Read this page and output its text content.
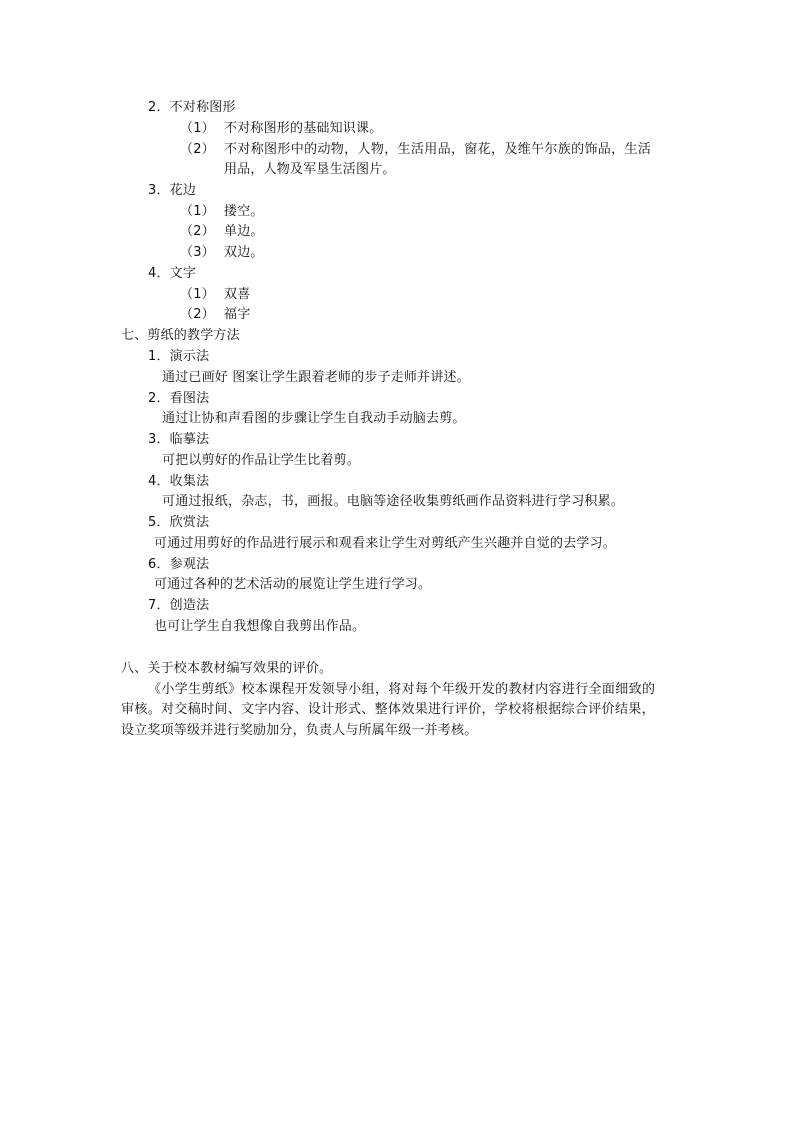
2．不对称图形
（1） 不对称图形的基础知识课。
（2） 不对称图形中的动物，人物，生活用品，窗花，及维午尔族的饰品，生活
用品，人物及军垦生活图片。
3．花边
（1） 搂空。
（2） 单边。
（3） 双边。
4．文字
（1） 双喜
（2） 福字
七、剪纸的教学方法
1．演示法
通过已画好 图案让学生跟着老师的步子走师并讲述。
2．看图法
通过让协和声看图的步骤让学生自我动手动脑去剪。
3．临摹法
可把以剪好的作品让学生比着剪。
4．收集法
可通过报纸，杂志，书，画报。电脑等途径收集剪纸画作品资料进行学习积累。
5．欣赏法
可通过用剪好的作品进行展示和观看来让学生对剪纸产生兴趣并自觉的去学习。
6．参观法
可通过各种的艺术活动的展览让学生进行学习。
7．创造法
也可让学生自我想像自我剪出作品。
八、关于校本教材编写效果的评价。
《小学生剪纸》校本课程开发领导小组，将对每个年级开发的教材内容进行全面细致的
审核。对交稿时间、文字内容、设计形式、整体效果进行评价，学校将根据综合评价结果，
设立奖项等级并进行奖励加分，负责人与所属年级一并考核。
